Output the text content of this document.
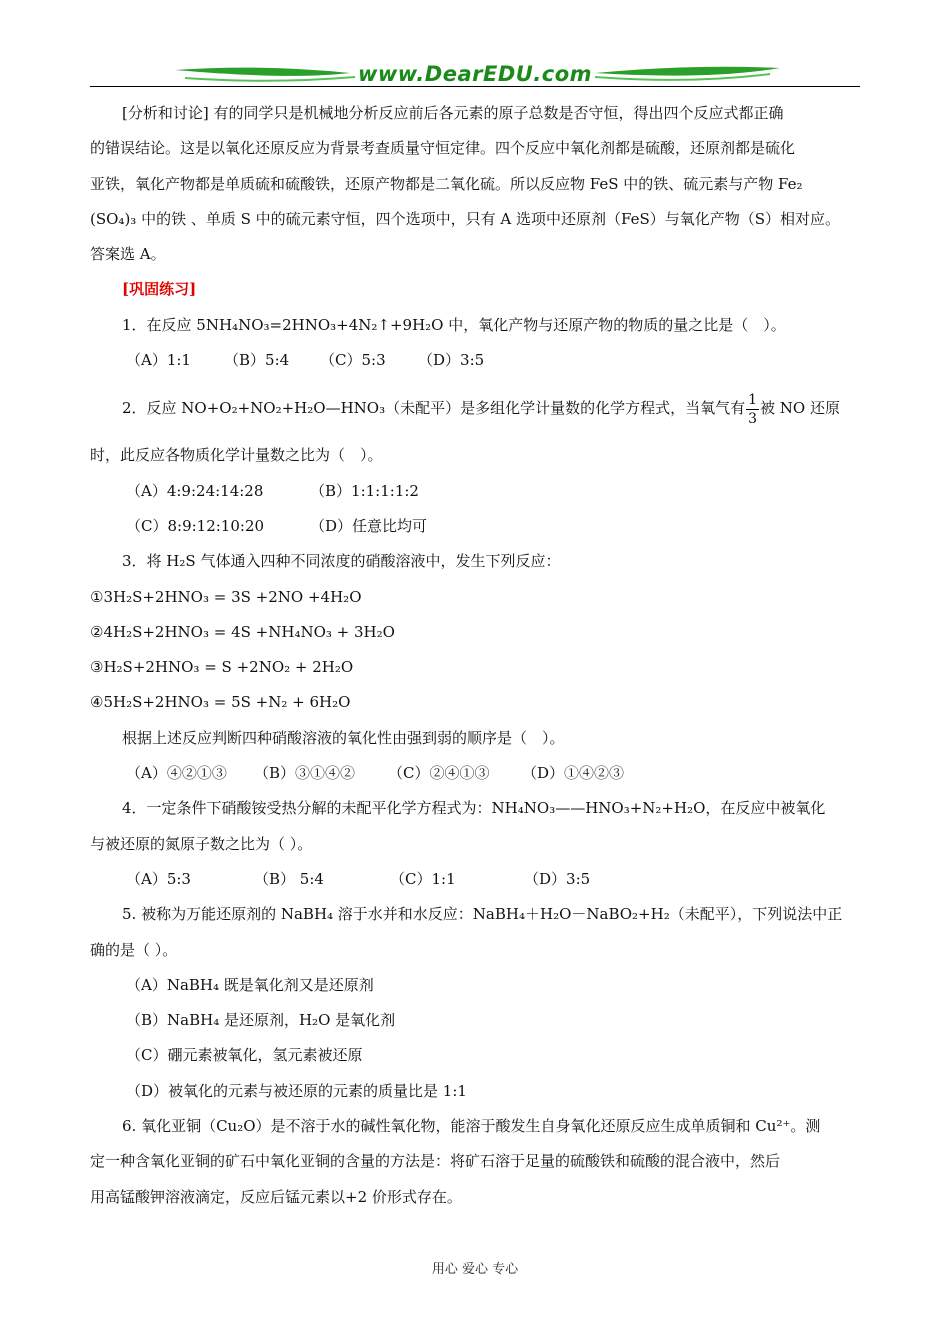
www.DearEDU.com

[分析和讨论] 有的同学只是机械地分析反应前后各元素的原子总数是否守恒，得出四个反应式都正确

的错误结论。这是以氧化还原反应为背景考查质量守恒定律。四个反应中氧化剂都是硫酸，还原剂都是硫化

亚铁，氧化产物都是单质硫和硫酸铁，还原产物都是二氧化硫。所以反应物 FeS 中的铁、硫元素与产物 Fe₂

(SO₄)₃ 中的铁 、单质 S 中的硫元素守恒，四个选项中，只有 A 选项中还原剂（FeS）与氧化产物（S）相对应。

答案选 A。

[巩固练习]

1．在反应 5NH₄NO₃=2HNO₃+4N₂↑+9H₂O 中，氧化产物与还原产物的物质的量之比是（　）。

（A）1:1	（B）5:4	（C）5:3	（D）3:5
2．反应 NO+O₂+NO₂+H₂O—HNO₃（未配平）是多组化学计量数的化学方程式，当氧气有 $\frac{1}{3}$ 被 NO 还原

时，此反应各物质化学计量数之比为（　）。

（A）4:9:24:14:28	（B）1:1:1:1:2
（C）8:9:12:10:20	（D）任意比均可

3．将 H₂S 气体通入四种不同浓度的硝酸溶液中，发生下列反应：

①3H₂S+2HNO₃ = 3S +2NO +4H₂O

②4H₂S+2HNO₃ = 4S +NH₄NO₃ + 3H₂O

③H₂S+2HNO₃ = S +2NO₂ + 2H₂O

④5H₂S+2HNO₃ = 5S +N₂ + 6H₂O

根据上述反应判断四种硝酸溶液的氧化性由强到弱的顺序是（　）。

（A）④②①③	（B）③①④②	（C）②④①③	（D）①④②③

4．一定条件下硝酸铵受热分解的未配平化学方程式为：NH₄NO₃——HNO₃+N₂+H₂O，在反应中被氧化

与被还原的氮原子数之比为（ ）。

（A）5:3	（B） 5:4	（C）1:1	（D）3:5

5. 被称为万能还原剂的 NaBH₄ 溶于水并和水反应：NaBH₄＋H₂O－NaBO₂+H₂（未配平），下列说法中正

确的是（ ）。

（A）NaBH₄ 既是氧化剂又是还原剂

（B）NaBH₄ 是还原剂，H₂O 是氧化剂

（C）硼元素被氧化，氢元素被还原

（D）被氧化的元素与被还原的元素的质量比是 1:1

6. 氧化亚铜（Cu₂O）是不溶于水的碱性氧化物，能溶于酸发生自身氧化还原反应生成单质铜和 Cu²⁺。测

定一种含氧化亚铜的矿石中氧化亚铜的含量的方法是：将矿石溶于足量的硫酸铁和硫酸的混合液中，然后

用高锰酸钾溶液滴定，反应后锰元素以+2 价形式存在。

用心 爱心 专心
